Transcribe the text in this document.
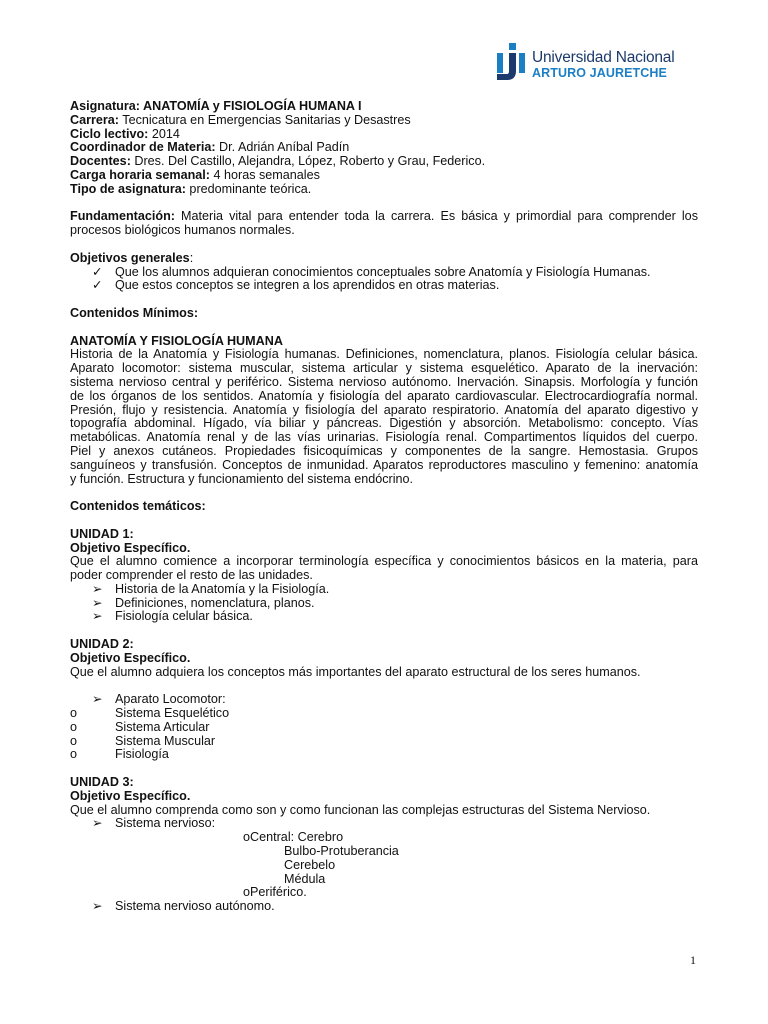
Universidad Nacional
ARTURO JAURETCHE
Asignatura: ANATOMÍA y FISIOLOGÍA HUMANA I
Carrera: Tecnicatura en Emergencias Sanitarias y Desastres
Ciclo lectivo: 2014
Coordinador de Materia: Dr. Adrián Aníbal Padín
Docentes: Dres. Del Castillo, Alejandra, López, Roberto y Grau, Federico.
Carga horaria semanal: 4 horas semanales
Tipo de asignatura: predominante teórica.
Fundamentación: Materia vital para entender toda la carrera. Es básica y primordial para comprender los
procesos biológicos humanos normales.
Objetivos generales:
✓ Que los alumnos adquieran conocimientos conceptuales sobre Anatomía y Fisiología Humanas.
✓ Que estos conceptos se integren a los aprendidos en otras materias.
Contenidos Mínimos:
ANATOMÍA Y FISIOLOGÍA HUMANA
Historia de la Anatomía y Fisiología humanas. Definiciones, nomenclatura, planos. Fisiología celular básica.
Aparato locomotor: sistema muscular, sistema articular y sistema esquelético. Aparato de la inervación:
sistema nervioso central y periférico. Sistema nervioso autónomo. Inervación. Sinapsis. Morfología y función
de los órganos de los sentidos. Anatomía y fisiología del aparato cardiovascular. Electrocardiografía normal.
Presión, flujo y resistencia. Anatomía y fisiología del aparato respiratorio. Anatomía del aparato digestivo y
topografía abdominal. Hígado, vía biliar y páncreas. Digestión y absorción. Metabolismo: concepto. Vías
metabólicas. Anatomía renal y de las vías urinarias. Fisiología renal. Compartimentos líquidos del cuerpo.
Piel y anexos cutáneos. Propiedades fisicoquímicas y componentes de la sangre. Hemostasia. Grupos
sanguíneos y transfusión. Conceptos de inmunidad. Aparatos reproductores masculino y femenino: anatomía
y función. Estructura y funcionamiento del sistema endócrino.
Contenidos temáticos:
UNIDAD 1:
Objetivo Específico.
Que el alumno comience a incorporar terminología específica y conocimientos básicos en la materia, para
poder comprender el resto de las unidades.
➢ Historia de la Anatomía y la Fisiología.
➢ Definiciones, nomenclatura, planos.
➢ Fisiología celular básica.
UNIDAD 2:
Objetivo Específico.
Que el alumno adquiera los conceptos más importantes del aparato estructural de los seres humanos.
➢ Aparato Locomotor:
o	Sistema Esquelético
o	Sistema Articular
o	Sistema Muscular
o	Fisiología
UNIDAD 3:
Objetivo Específico.
Que el alumno comprenda como son y como funcionan las complejas estructuras del Sistema Nervioso.
➢ Sistema nervioso:
oCentral: Cerebro
Bulbo-Protuberancia
Cerebelo
Médula
oPeriférico.
➢ Sistema nervioso autónomo.
1
